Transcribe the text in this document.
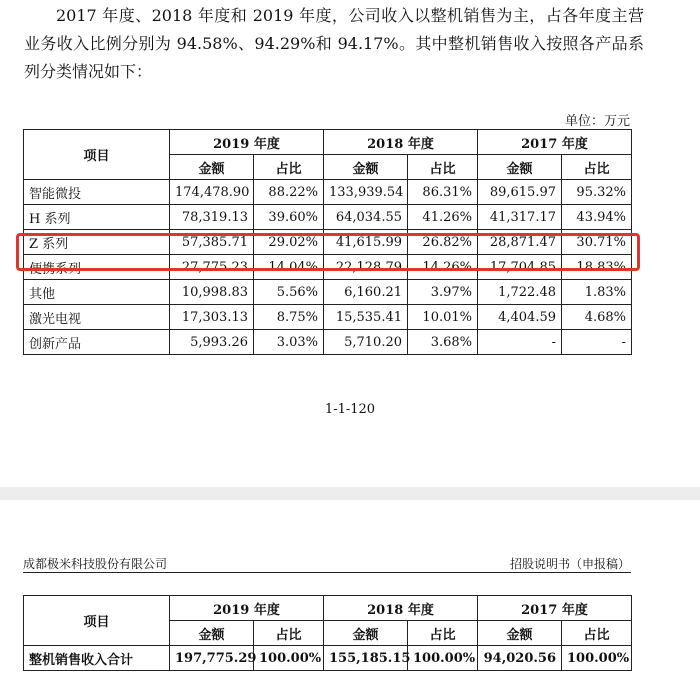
2017 年度、2018 年度和 2019 年度，公司收入以整机销售为主，占各年度主营业务收入比例分别为 94.58%、94.29%和 94.17%。其中整机销售收入按照各产品系列分类情况如下：

单位：万元
项目	2019 年度		2018 年度		2017 年度	
	金额	占比	金额	占比	金额	占比
智能微投	174,478.90	88.22%	133,939.54	86.31%	89,615.97	95.32%
H 系列	78,319.13	39.60%	64,034.55	41.26%	41,317.17	43.94%
Z 系列	57,385.71	29.02%	41,615.99	26.82%	28,871.47	30.71%
便携系列	27,775.23	14.04%	22,128.79	14.26%	17,704.85	18.83%
其他	10,998.83	5.56%	6,160.21	3.97%	1,722.48	1.83%
激光电视	17,303.13	8.75%	15,535.41	10.01%	4,404.59	4.68%
创新产品	5,993.26	3.03%	5,710.20	3.68%	-	-
1-1-120
成都极米科技股份有限公司	招股说明书（申报稿）
项目	2019 年度		2018 年度		2017 年度	
	金额	占比	金额	占比	金额	占比
整机销售收入合计	197,775.29	100.00%	155,185.15	100.00%	94,020.56	100.00%
